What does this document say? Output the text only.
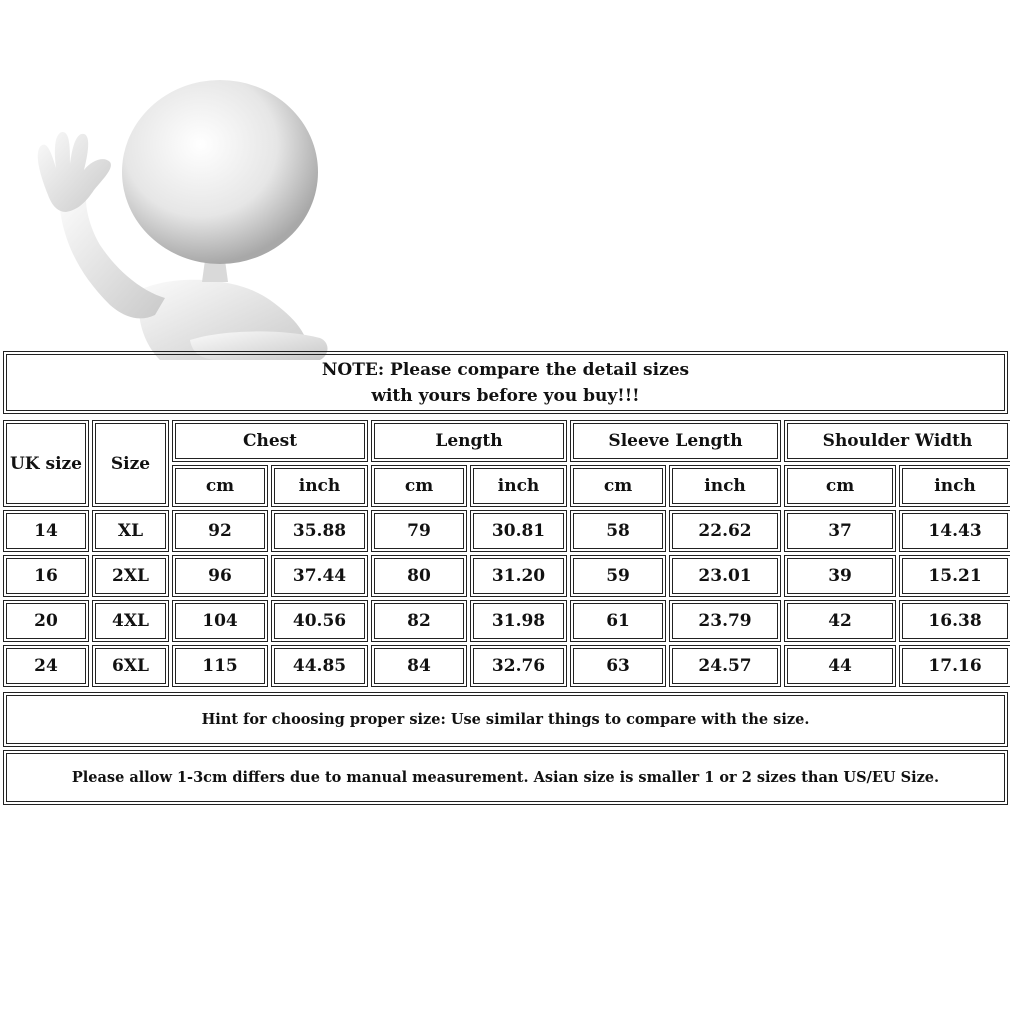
NOTE: Please compare the detail sizes
with yours before you buy!!!
UK size	Size	Chest		Length		Sleeve Length		Shoulder Width	
		cm	inch	cm	inch	cm	inch	cm	inch
14	XL	92	35.88	79	30.81	58	22.62	37	14.43
16	2XL	96	37.44	80	31.20	59	23.01	39	15.21
20	4XL	104	40.56	82	31.98	61	23.79	42	16.38
24	6XL	115	44.85	84	32.76	63	24.57	44	17.16
Hint for choosing proper size: Use similar things to compare with the size.
Please allow 1-3cm differs due to manual measurement. Asian size is smaller 1 or 2 sizes than US/EU Size.
